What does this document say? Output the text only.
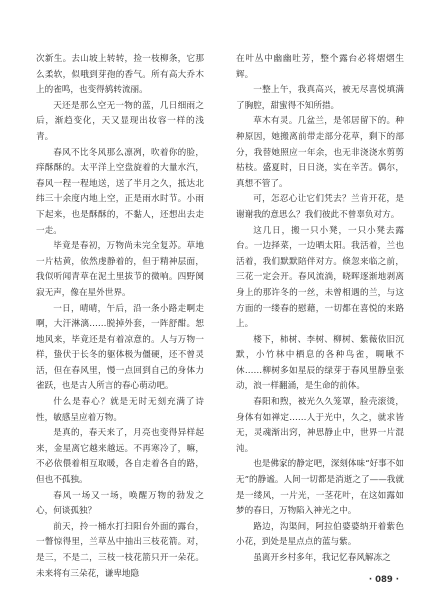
次新生。去山坡上转转，捡一枝柳条，它那么柔软，似哦到芽孢的香气。所有高大乔木上的雀鸣，也变得鸫转流丽。

天还是那么空无一物的蓝，几日细雨之后，渐趋变化，天又显现出妆容一样的浅青。

春风不比冬风那么凛冽，吹着你的脸，痒酥酥的。太平洋上空盘旋着的大量水汽，春风一程一程地送，送了半月之久，抵达北纬三十余度内地上空，正是雨水时节。小雨下起来，也是酥酥的，不黏人，还想出去走一走。

毕竟是春初，万物尚未完全复苏。草地一片枯黄，依然虔静着的，但于精神层面，我似听闻青草在泥土里拔节的微响。四野阒寂无声，像在星外世界。

一日，晴晴，午后，沿一条小路走啊走啊，大汗淋漓……脱掉外套，一阵舒酣。恕地风来，毕竟还是有着凉意的。人与万物一样，蛰伏于长冬的躯体极为僵硬，还不曾灵活，但在春风里，慢一点回到自己的身体力雀跃，也是古人所言的春心萌动吧。

什么是春心？就是无时无刻充满了诗性，敏感呈应着万物。

是真的，春天来了，月亮也变得异样起来，金星离它越来越远。不再寒冷了，嘛，不必依偎着相互取暖，各自走着各自的路，但也不孤独。

春风一场又一场，唤醒万物的勃发之心，何谈孤独？

前天，拎一桶水打扫阳台外面的露台，一瞥惊得里，兰草丛中抽出三枝花箭。对，是三，不是二，三枝一枝花箭只开一朵花。未来将有三朵花，谦卑地隐

在叶丛中幽幽吐芳，整个露台必将熠熠生辉。

一整上午，我真高兴，被无尽喜悦填满了胸腔，甜蜜得不知所措。

草木有灵。几盆兰，是邻居留下的。种种原因，她搬离前带走部分花草，剩下的部分，我替她照应一年余，也无非浇浇水剪剪枯枝。盛夏时，日日浇，实在辛苦。偶尔，真想不管了。

可，怎忍心让它们凭去？兰肯开花，是谢谢我的意思么？我们彼此不曾辜负对方。

这几日，搬一只小凳，一只小凳去露台。一边择菜，一边晒太阳。我活着，兰也活着，我们默默陪伴对方。倏忽来临之前，三花一定会开。春风流淌，晓晖逐渐地剥离身上的那许冬的一丝，未曾相遇的兰，与这方面的一缕春的慰藉，一切都在喜悦的来路上。

楼下，柿树、李树、柳树、紫薇依旧沉默，小竹林中栖息的各种鸟雀，啁啾不休……柳树多如星辰的绿芽于春风里静皇张动，浪一样翻涌，是生命的前体。

春阳和煦，被光久久笼罩，脸壳滚烫，身体有如禅定……人于光中，久之，就求皆无，灵魂渐出窍，神思静止中，世界一片混沌。

也是佛家的静定吧，深刻体味“好事不如无”的静谧。人间一切都是消逝之了——我就是一缕风，一片光，一茎花叶，在这如露如梦的春日，万物陷入神光之中。

路边，沟渠间，阿拉伯婆婆纳开着紫色小花，到处是星点点的蓝与紫。

虽离开乡村多年，我记忆春风解冻之

· 089 ·
